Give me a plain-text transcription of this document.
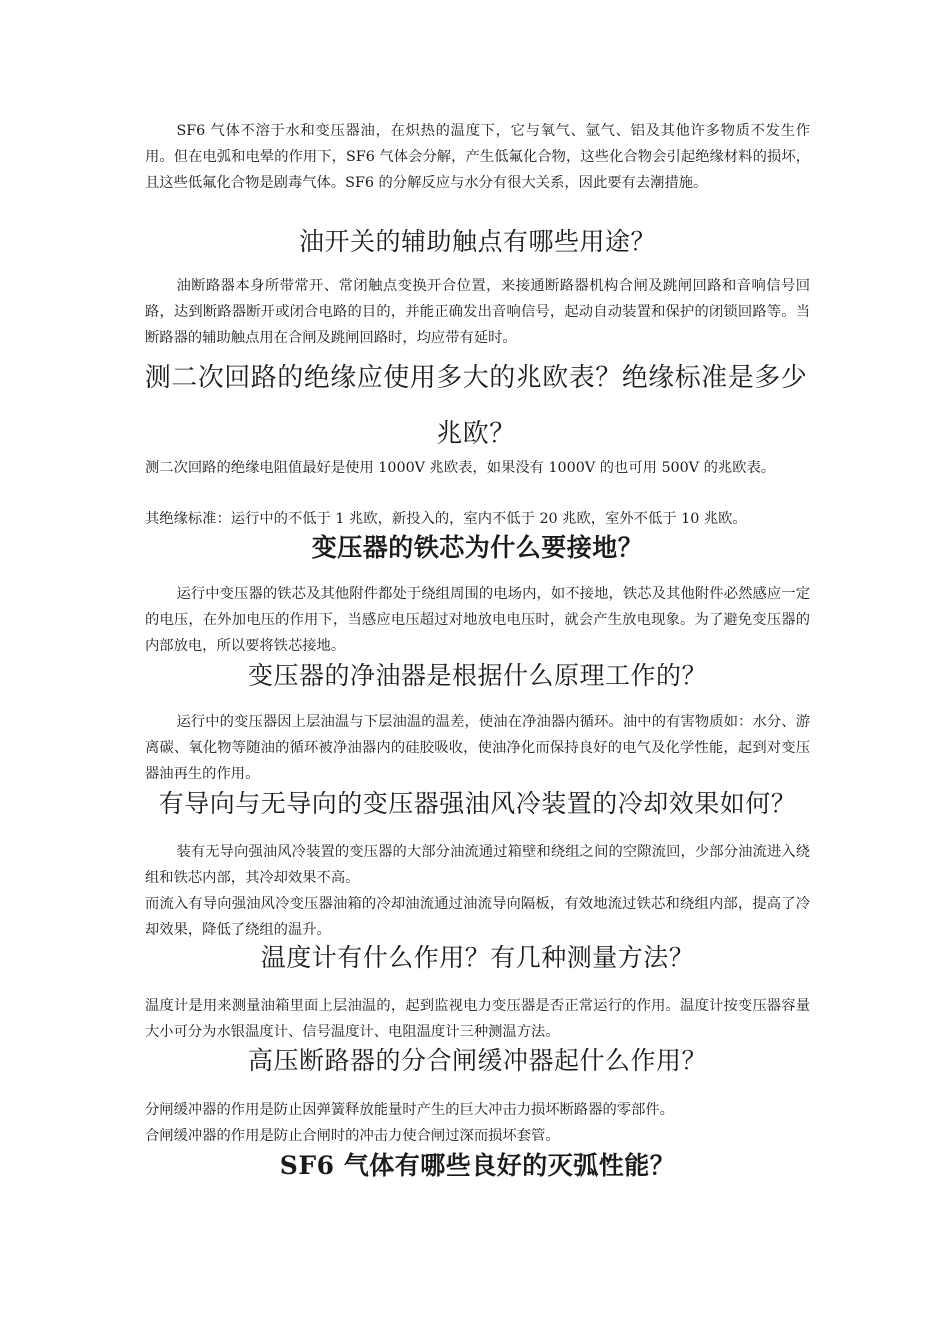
SF6 气体不溶于水和变压器油，在炽热的温度下，它与氧气、氩气、铝及其他许多物质不发生作用。但在电弧和电晕的作用下，SF6 气体会分解，产生低氟化合物，这些化合物会引起绝缘材料的损坏，且这些低氟化合物是剧毒气体。SF6 的分解反应与水分有很大关系，因此要有去潮措施。

油开关的辅助触点有哪些用途？

油断路器本身所带常开、常闭触点变换开合位置，来接通断路器机构合闸及跳闸回路和音响信号回路，达到断路器断开或闭合电路的目的，并能正确发出音响信号，起动自动装置和保护的闭锁回路等。当断路器的辅助触点用在合闸及跳闸回路时，均应带有延时。

测二次回路的绝缘应使用多大的兆欧表？绝缘标准是多少兆欧？

测二次回路的绝缘电阻值最好是使用 1000V 兆欧表，如果没有 1000V 的也可用 500V 的兆欧表。

其绝缘标准：运行中的不低于 1 兆欧，新投入的，室内不低于 20 兆欧，室外不低于 10 兆欧。

变压器的铁芯为什么要接地？

运行中变压器的铁芯及其他附件都处于绕组周围的电场内，如不接地，铁芯及其他附件必然感应一定的电压，在外加电压的作用下，当感应电压超过对地放电电压时，就会产生放电现象。为了避免变压器的内部放电，所以要将铁芯接地。

变压器的净油器是根据什么原理工作的？

运行中的变压器因上层油温与下层油温的温差，使油在净油器内循环。油中的有害物质如：水分、游离碳、氧化物等随油的循环被净油器内的硅胶吸收，使油净化而保持良好的电气及化学性能，起到对变压器油再生的作用。

有导向与无导向的变压器强油风冷装置的冷却效果如何？

装有无导向强油风冷装置的变压器的大部分油流通过箱壁和绕组之间的空隙流回，少部分油流进入绕组和铁芯内部，其冷却效果不高。

而流入有导向强油风冷变压器油箱的冷却油流通过油流导向隔板，有效地流过铁芯和绕组内部，提高了冷却效果，降低了绕组的温升。

温度计有什么作用？有几种测量方法？

温度计是用来测量油箱里面上层油温的，起到监视电力变压器是否正常运行的作用。温度计按变压器容量大小可分为水银温度计、信号温度计、电阻温度计三种测温方法。

高压断路器的分合闸缓冲器起什么作用？

分闸缓冲器的作用是防止因弹簧释放能量时产生的巨大冲击力损坏断路器的零部件。

合闸缓冲器的作用是防止合闸时的冲击力使合闸过深而损坏套管。

SF6 气体有哪些良好的灭弧性能？
